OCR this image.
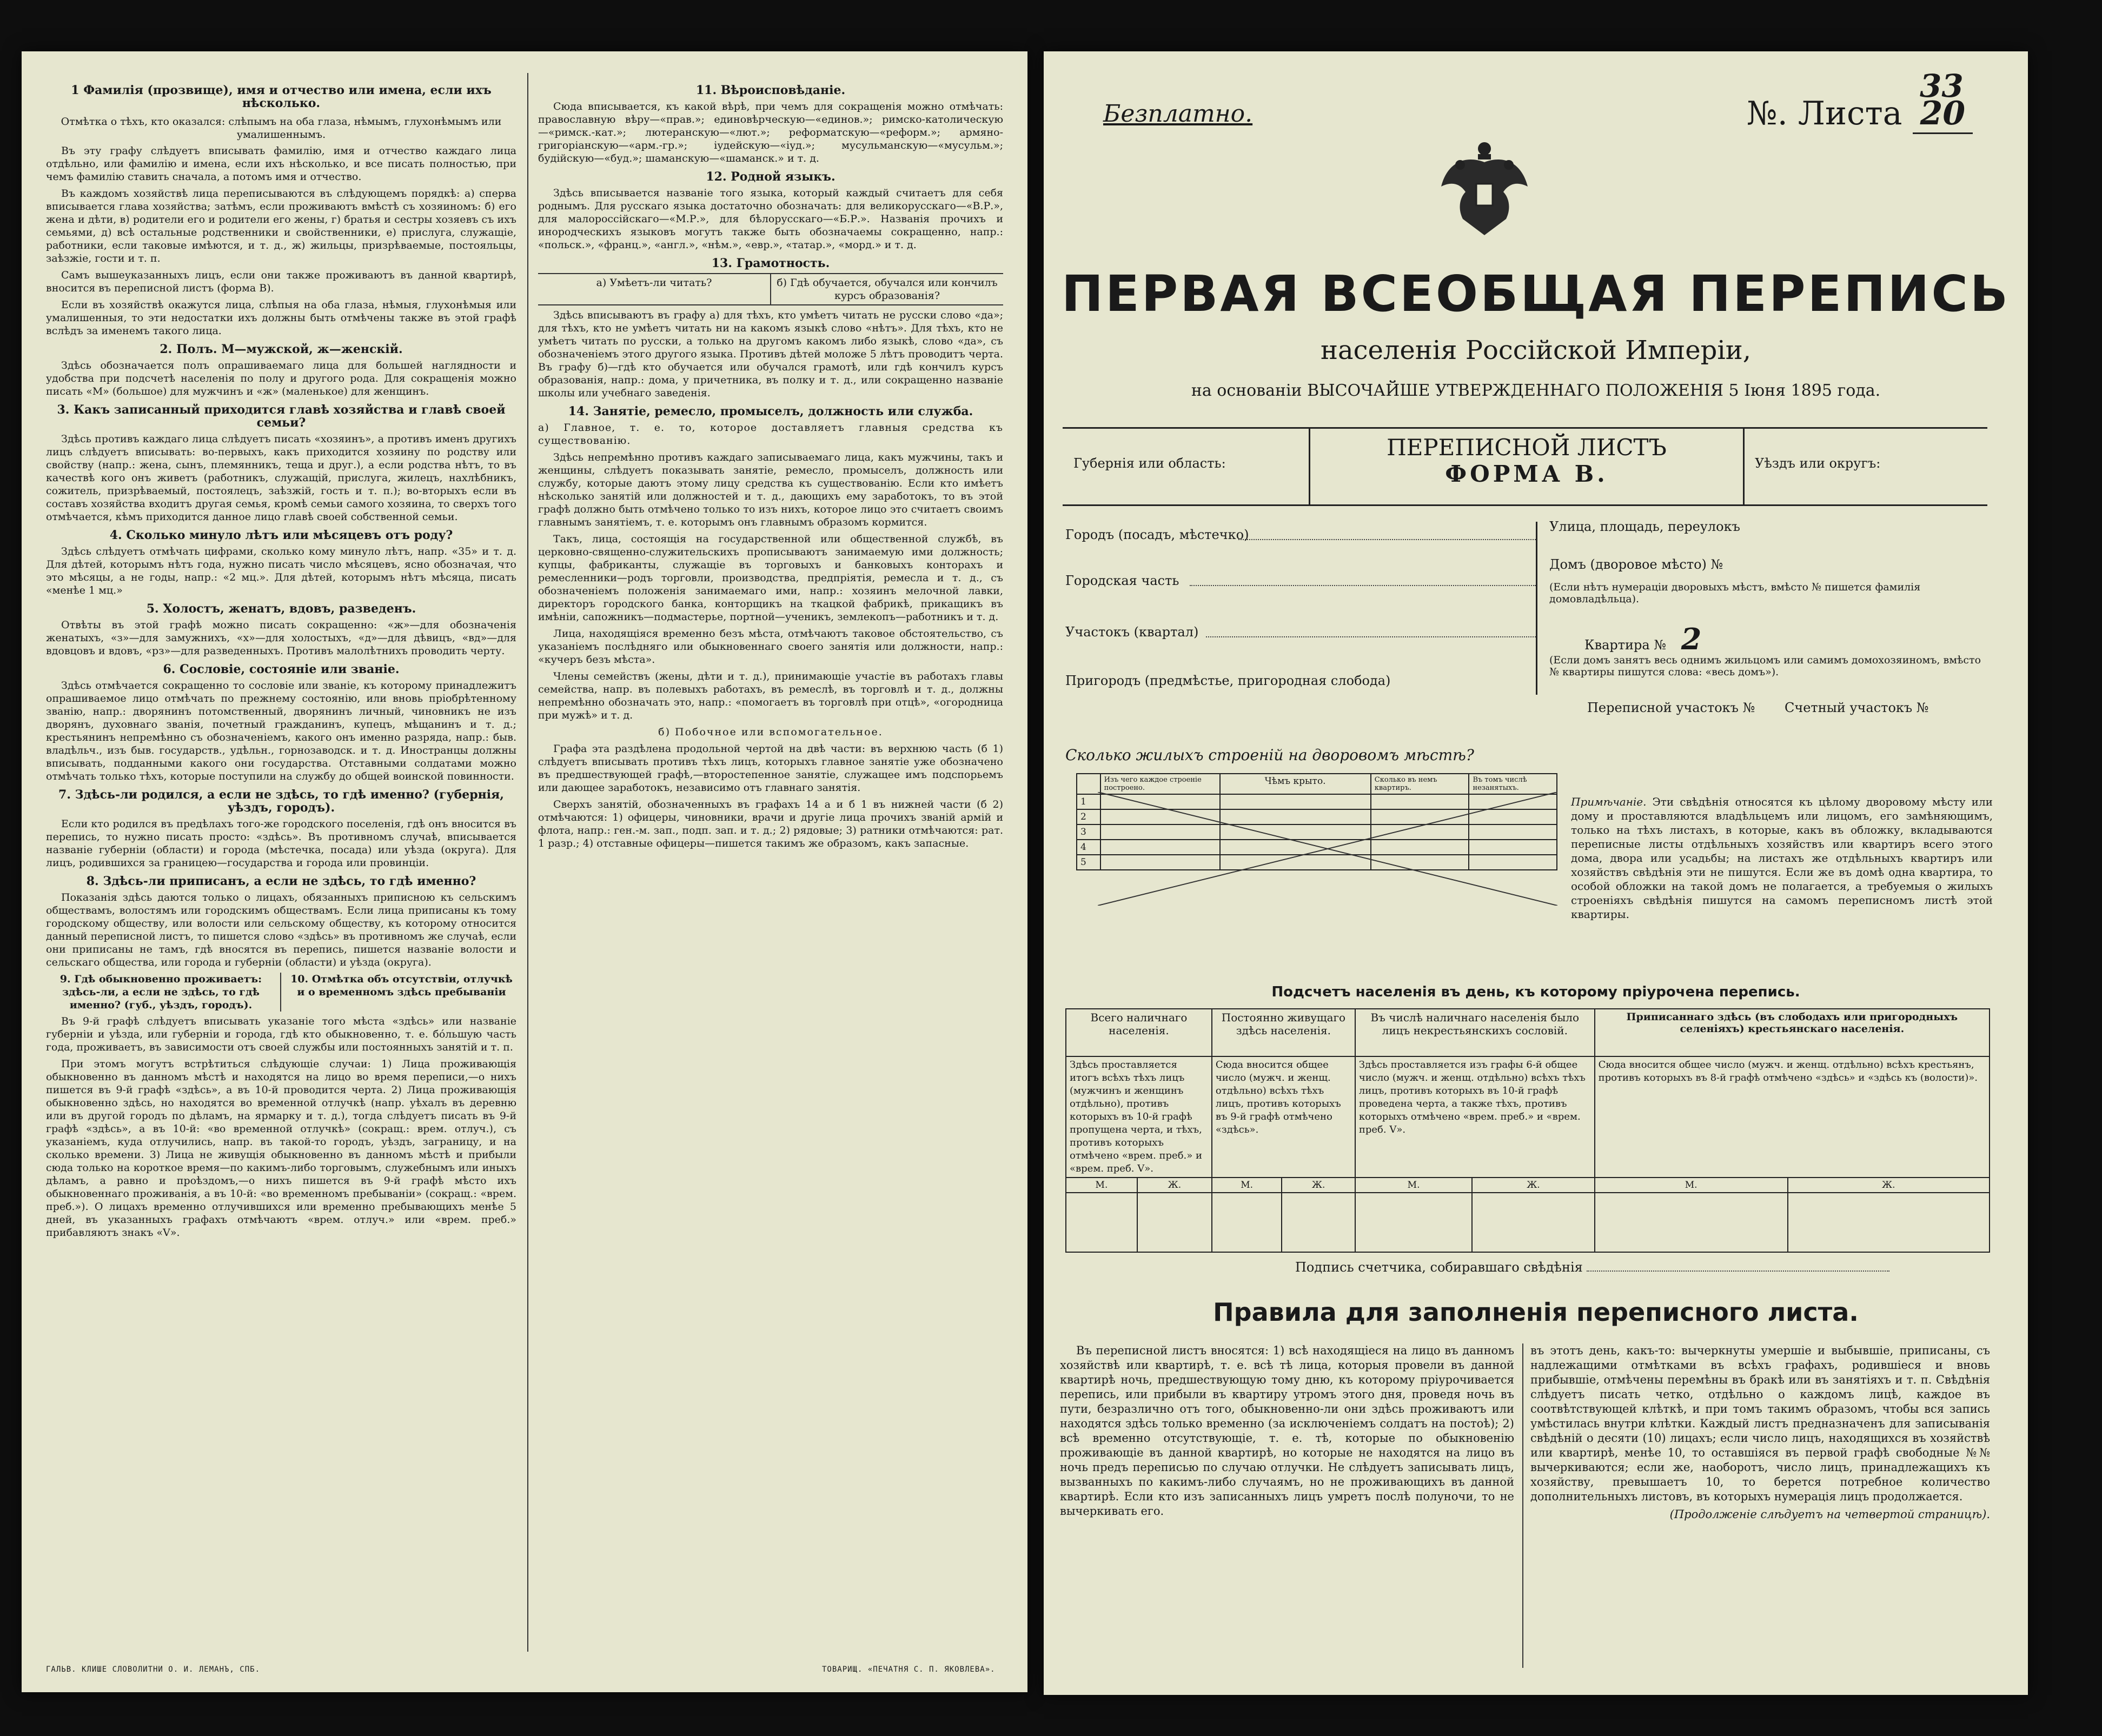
1 Фамилія (прозвище), имя и отчество или имена, если ихъ нѣсколько.
Отмѣтка о тѣхъ, кто оказался: слѣпымъ на оба глаза, нѣмымъ, глухонѣмымъ или умалишеннымъ.

Въ эту графу слѣдуетъ вписывать фамилію, имя и отчество каждаго лица отдѣльно, или фамилію и имена, если ихъ нѣсколько, и все писать полностью, при чемъ фамилію ставить сначала, а потомъ имя и отчество.

Въ каждомъ хозяйствѣ лица переписываются въ слѣдующемъ порядкѣ: а) сперва вписывается глава хозяйства; затѣмъ, если проживаютъ вмѣстѣ съ хозяиномъ: б) его жена и дѣти, в) родители его и родители его жены, г) братья и сестры хозяевъ съ ихъ семьями, д) всѣ остальные родственники и свойственники, е) прислуга, служащіе, работники, если таковые имѣются, и т. д., ж) жильцы, призрѣваемые, постояльцы, заѣзжіе, гости и т. п.

Самъ вышеуказанныхъ лицъ, если они также проживаютъ въ данной квартирѣ, вносится въ переписной листъ (форма В).

Если въ хозяйствѣ окажутся лица, слѣпыя на оба глаза, нѣмыя, глухонѣмыя или умалишенныя, то эти недостатки ихъ должны быть отмѣчены также въ этой графѣ вслѣдъ за именемъ такого лица.

2. Полъ. М—мужской, ж—женскій.

Здѣсь обозначается полъ опрашиваемаго лица для большей наглядности и удобства при подсчетѣ населенія по полу и другого рода. Для сокращенія можно писать «М» (большое) для мужчинъ и «ж» (маленькое) для женщинъ.

3. Какъ записанный приходится главѣ хозяйства и главѣ своей семьи?

Здѣсь противъ каждаго лица слѣдуетъ писать «хозяинъ», а противъ именъ другихъ лицъ слѣдуетъ вписывать: во-первыхъ, какъ приходится хозяину по родству или свойству (напр.: жена, сынъ, племянникъ, теща и друг.), а если родства нѣтъ, то въ качествѣ кого онъ живетъ (работникъ, служащій, прислуга, жилецъ, нахлѣбникъ, сожитель, призрѣваемый, постоялецъ, заѣзжій, гость и т. п.); во-вторыхъ если въ составъ хозяйства входитъ другая семья, кромѣ семьи самого хозяина, то сверхъ того отмѣчается, кѣмъ приходится данное лицо главѣ своей собственной семьи.

4. Сколько минуло лѣтъ или мѣсяцевъ отъ роду?

Здѣсь слѣдуетъ отмѣчать цифрами, сколько кому минуло лѣтъ, напр. «35» и т. д. Для дѣтей, которымъ нѣтъ года, нужно писать число мѣсяцевъ, ясно обозначая, что это мѣсяцы, а не годы, напр.: «2 мц.». Для дѣтей, которымъ нѣтъ мѣсяца, писать «менѣе 1 мц.»

5. Холостъ, женатъ, вдовъ, разведенъ.

Отвѣты въ этой графѣ можно писать сокращенно: «ж»—для обозначенія женатыхъ, «з»—для замужнихъ, «х»—для холостыхъ, «д»—для дѣвицъ, «вд»—для вдовцовъ и вдовъ, «рз»—для разведенныхъ. Противъ малолѣтнихъ проводить черту.

6. Сословіе, состояніе или званіе.

Здѣсь отмѣчается сокращенно то сословіе или званіе, къ которому принадлежитъ опрашиваемое лицо отмѣчать по прежнему состоянію, или вновь пріобрѣтенному званію, напр.: дворянинъ потомственный, дворянинъ личный, чиновникъ не изъ дворянъ, духовнаго званія, почетный гражданинъ, купецъ, мѣщанинъ и т. д.; крестьянинъ непремѣнно съ обозначеніемъ, какого онъ именно разряда, напр.: быв. владѣльч., изъ быв. государств., удѣльн., горнозаводск. и т. д. Иностранцы должны вписывать, подданными какого они государства. Отставными солдатами можно отмѣчать только тѣхъ, которые поступили на службу до общей воинской повинности.

7. Здѣсь-ли родился, а если не здѣсь, то гдѣ именно? (губернія, уѣздъ, городъ).

Если кто родился въ предѣлахъ того-же городского поселенія, гдѣ онъ вносится въ перепись, то нужно писать просто: «здѣсь». Въ противномъ случаѣ, вписывается названіе губерніи (области) и города (мѣстечка, посада) или уѣзда (округа). Для лицъ, родившихся за границею—государства и города или провинціи.

8. Здѣсь-ли приписанъ, а если не здѣсь, то гдѣ именно?

Показанія здѣсь даются только о лицахъ, обязанныхъ приписною къ сельскимъ обществамъ, волостямъ или городскимъ обществамъ. Если лица приписаны къ тому городскому обществу, или волости или сельскому обществу, къ которому относится данный переписной листъ, то пишется слово «здѣсь» въ противномъ же случаѣ, если они приписаны не тамъ, гдѣ вносятся въ перепись, пишется названіе волости и сельскаго общества, или города и губерніи (области) и уѣзда (округа).

9. Гдѣ обыкновенно проживаетъ: здѣсь-ли, а если не здѣсь, то гдѣ именно? (губ., уѣздъ, городъ).
10. Отмѣтка объ отсутствіи, отлучкѣ и о временномъ здѣсь пребываніи

Въ 9-й графѣ слѣдуетъ вписывать указаніе того мѣста «здѣсь» или названіе губерніи и уѣзда, или губерніи и города, гдѣ кто обыкновенно, т. е. бо́льшую часть года, проживаетъ, въ зависимости отъ своей службы или постоянныхъ занятій и т. п.

При этомъ могутъ встрѣтиться слѣдующіе случаи: 1) Лица проживающія обыкновенно въ данномъ мѣстѣ и находятся на лицо во время переписи,—о нихъ пишется въ 9-й графѣ «здѣсь», а въ 10-й проводится черта. 2) Лица проживающія обыкновенно здѣсь, но находятся во временной отлучкѣ (напр. уѣхалъ въ деревню или въ другой городъ по дѣламъ, на ярмарку и т. д.), тогда слѣдуетъ писать въ 9-й графѣ «здѣсь», а въ 10-й: «во временной отлучкѣ» (сокращ.: врем. отлуч.), съ указаніемъ, куда отлучились, напр. въ такой-то городъ, уѣздъ, заграницу, и на сколько времени. 3) Лица не живущія обыкновенно въ данномъ мѣстѣ и прибыли сюда только на короткое время—по какимъ-либо торговымъ, служебнымъ или иныхъ дѣламъ, а равно и проѣздомъ,—о нихъ пишется въ 9-й графѣ мѣсто ихъ обыкновеннаго проживанія, а въ 10-й: «во временномъ пребываніи» (сокращ.: «врем. преб.»). О лицахъ временно отлучившихся или временно пребывающихъ менѣе 5 дней, въ указанныхъ графахъ отмѣчаютъ «врем. отлуч.» или «врем. преб.» прибавляютъ знакъ «V».

ГАЛЬВ. КЛИШЕ СЛОВОЛИТНИ О. И. ЛЕМАНЪ, СПБ.
11. Вѣроисповѣданіе.

Сюда вписывается, къ какой вѣрѣ, при чемъ для сокращенія можно отмѣчать: православную вѣру—«прав.»; единовѣрческую—«единов.»; римско-католическую—«римск.-кат.»; лютеранскую—«лют.»; реформатскую—«реформ.»; армяно-григоріанскую—«арм.-гр.»; іудейскую—«іуд.»; мусульманскую—«мусульм.»; будійскую—«буд.»; шаманскую—«шаманск.» и т. д.

12. Родной языкъ.

Здѣсь вписывается названіе того языка, который каждый считаетъ для себя роднымъ. Для русскаго языка достаточно обозначать: для великорусскаго—«В.Р.», для малороссійскаго—«М.Р.», для бѣлорусскаго—«Б.Р.». Названія прочихъ и инородческихъ языковъ могутъ также быть обозначаемы сокращенно, напр.: «польск.», «франц.», «англ.», «нѣм.», «евр.», «татар.», «морд.» и т. д.

13. Грамотность.
а) Умѣетъ-ли читать?	б) Гдѣ обучается, обучался или кончилъ курсъ образованія?

Здѣсь вписываютъ въ графу а) для тѣхъ, кто умѣетъ читать не русски слово «да»; для тѣхъ, кто не умѣетъ читать ни на какомъ языкѣ слово «нѣтъ». Для тѣхъ, кто не умѣетъ читать по русски, а только на другомъ какомъ либо языкѣ, слово «да», съ обозначеніемъ этого другого языка. Противъ дѣтей моложе 5 лѣтъ проводитъ черта. Въ графу б)—гдѣ кто обучается или обучался грамотѣ, или гдѣ кончилъ курсъ образованія, напр.: дома, у причетника, въ полку и т. д., или сокращенно названіе школы или учебнаго заведенія.

14. Занятіе, ремесло, промыселъ, должность или служба.

а) Главное, т. е. то, которое доставляетъ главныя средства къ существованію.

Здѣсь непремѣнно противъ каждаго записываемаго лица, какъ мужчины, такъ и женщины, слѣдуетъ показывать занятіе, ремесло, промыселъ, должность или службу, которые даютъ этому лицу средства къ существованію. Если кто имѣетъ нѣсколько занятій или должностей и т. д., дающихъ ему заработокъ, то въ этой графѣ должно быть отмѣчено только то изъ нихъ, которое лицо это считаетъ своимъ главнымъ занятіемъ, т. е. которымъ онъ главнымъ образомъ кормится.

Такъ, лица, состоящія на государственной или общественной службѣ, въ церковно-священно-служительскихъ прописываютъ занимаемую ими должность; купцы, фабриканты, служащіе въ торговыхъ и банковыхъ конторахъ и ремесленники—родъ торговли, производства, предпріятія, ремесла и т. д., съ обозначеніемъ положенія занимаемаго ими, напр.: хозяинъ мелочной лавки, директоръ городского банка, конторщикъ на ткацкой фабрикѣ, прикащикъ въ имѣніи, сапожникъ—подмастерье, портной—ученикъ, землекопъ—работникъ и т. д.

Лица, находящіяся временно безъ мѣста, отмѣчаютъ таковое обстоятельство, съ указаніемъ послѣдняго или обыкновеннаго своего занятія или должности, напр.: «кучеръ безъ мѣста».

Члены семействъ (жены, дѣти и т. д.), принимающіе участіе въ работахъ главы семейства, напр. въ полевыхъ работахъ, въ ремеслѣ, въ торговлѣ и т. д., должны непремѣнно обозначать это, напр.: «помогаетъ въ торговлѣ при отцѣ», «огородница при мужѣ» и т. д.

б) Побочное или вспомогательное.

Графа эта раздѣлена продольной чертой на двѣ части: въ верхнюю часть (б 1) слѣдуетъ вписывать противъ тѣхъ лицъ, которыхъ главное занятіе уже обозначено въ предшествующей графѣ,—второстепенное занятіе, служащее имъ подспорьемъ или дающее заработокъ, независимо отъ главнаго занятія.

Сверхъ занятій, обозначенныхъ въ графахъ 14 а и б 1 въ нижней части (б 2) отмѣчаются: 1) офицеры, чиновники, врачи и другіе лица прочихъ званій армій и флота, напр.: ген.-м. зап., подп. зап. и т. д.; 2) рядовые; 3) ратники отмѣчаются: рат. 1 разр.; 4) отставные офицеры—пишется такимъ же образомъ, какъ запасные.

ТОВАРИЩ. «ПЕЧАТНЯ С. П. ЯКОВЛЕВА».
Безплатно.	№. Листа 20
33
ПЕРВАЯ ВСЕОБЩАЯ ПЕРЕПИСЬ
населенія Россійской Имперіи,
на основаніи ВЫСОЧАЙШЕ УТВЕРЖДЕННАГО ПОЛОЖЕНІЯ 5 Іюня 1895 года.
Губернія или область:
ПЕРЕПИСНОЙ ЛИСТЪ
ФОРМА В.	Уѣздъ или округъ:
Городъ (посадъ, мѣстечко)
Городская часть
Участокъ (квартал)
Пригородъ (предмѣстье, пригородная слобода)
Улица, площадь, переулокъ
Домъ (дворовое мѣсто) №
(Если нѣтъ нумераціи дворовыхъ мѣстъ, вмѣсто № пишется фамилія домовладѣльца).
Квартира № 2
(Если домъ занятъ весь однимъ жильцомъ или самимъ домохозяиномъ, вмѣсто № квартиры пишутся слова: «весь домъ»).
Переписной участокъ № Счетный участокъ №
Сколько жилыхъ строеній на дворовомъ мѣстѣ?
	Изъ чего каждое строеніе построено.	Чѣмъ крыто.	Сколько въ немъ квартиръ.	Въ томъ числѣ незанятыхъ.
1				
2				
3				
4				
5				
Примѣчаніе. Эти свѣдѣнія относятся къ цѣлому дворовому мѣсту или дому и проставляются владѣльцемъ или лицомъ, его замѣняющимъ, только на тѣхъ листахъ, в которые, какъ въ обложку, вкладываются переписные листы отдѣльныхъ хозяйствъ или квартиръ всего этого дома, двора или усадьбы; на листахъ же отдѣльныхъ квартиръ или хозяйствъ свѣдѣнія эти не пишутся. Если же въ домѣ одна квартира, то особой обложки на такой домъ не полагается, а требуемыя о жилыхъ строеніяхъ свѣдѣнія пишутся на самомъ переписномъ листѣ этой квартиры.
Подсчетъ населенія въ день, къ которому пріурочена перепись.
Всего наличнаго населенія.		Постоянно живущаго здѣсь населенія.		Въ числѣ наличнаго населенія было лицъ некрестьянскихъ сословій.		Приписаннаго здѣсь (въ слободахъ или пригородныхъ селеніяхъ) крестьянскаго населенія.	
Здѣсь проставляется итогъ всѣхъ тѣхъ лицъ (мужчинъ и женщинъ отдѣльно), противъ которыхъ въ 10-й графѣ пропущена черта, и тѣхъ, противъ которыхъ отмѣчено «врем. преб.» и «врем. преб. V».		Сюда вносится общее число (мужч. и женщ. отдѣльно) всѣхъ тѣхъ лицъ, противъ которыхъ въ 9-й графѣ отмѣчено «здѣсь».		Здѣсь проставляется изъ графы 6-й общее число (мужч. и женщ. отдѣльно) всѣхъ тѣхъ лицъ, противъ которыхъ въ 10-й графѣ проведена черта, а также тѣхъ, противъ которыхъ отмѣчено «врем. преб.» и «врем. преб. V».		Сюда вносится общее число (мужч. и женщ. отдѣльно) всѣхъ крестьянъ, противъ которыхъ въ 8-й графѣ отмѣчено «здѣсь» и «здѣсь къ (волости)».	
М.	Ж.	М.	Ж.	М.	Ж.	М.	Ж.

Подпись счетчика, собиравшаго свѣдѣнія
Правила для заполненія переписного листа.

Въ переписной листъ вносятся: 1) всѣ находящіеся на лицо въ данномъ хозяйствѣ или квартирѣ, т. е. всѣ тѣ лица, которыя провели въ данной квартирѣ ночь, предшествующую тому дню, къ которому пріурочивается перепись, или прибыли въ квартиру утромъ этого дня, проведя ночь въ пути, безразлично отъ того, обыкновенно-ли они здѣсь проживаютъ или находятся здѣсь только временно (за исключеніемъ солдатъ на постоѣ); 2) всѣ временно отсутствующіе, т. е. тѣ, которые по обыкновенію проживающіе въ данной квартирѣ, но которые не находятся на лицо въ ночь предъ переписью по случаю отлучки. Не слѣдуетъ записывать лицъ, вызванныхъ по какимъ-либо случаямъ, но не проживающихъ въ данной квартирѣ. Если кто изъ записанныхъ лицъ умретъ послѣ полуночи, то не вычеркивать его.

въ этотъ день, какъ-то: вычеркнуты умершіе и выбывшіе, приписаны, съ надлежащими отмѣтками въ всѣхъ графахъ, родившіеся и вновь прибывшіе, отмѣчены перемѣны въ бракѣ или въ занятіяхъ и т. п. Свѣдѣнія слѣдуетъ писать четко, отдѣльно о каждомъ лицѣ, каждое въ соотвѣтствующей клѣткѣ, и при томъ такимъ образомъ, чтобы вся запись умѣстилась внутри клѣтки. Каждый листъ предназначенъ для записыванія свѣдѣній о десяти (10) лицахъ; если число лицъ, находящихся въ хозяйствѣ или квартирѣ, менѣе 10, то оставшіяся въ первой графѣ свободные №№ вычеркиваются; если же, наоборотъ, число лицъ, принадлежащихъ къ хозяйству, превышаетъ 10, то берется потребное количество дополнительныхъ листовъ, въ которыхъ нумерація лицъ продолжается.

(Продолженіе слѣдуетъ на четвертой страницѣ).
